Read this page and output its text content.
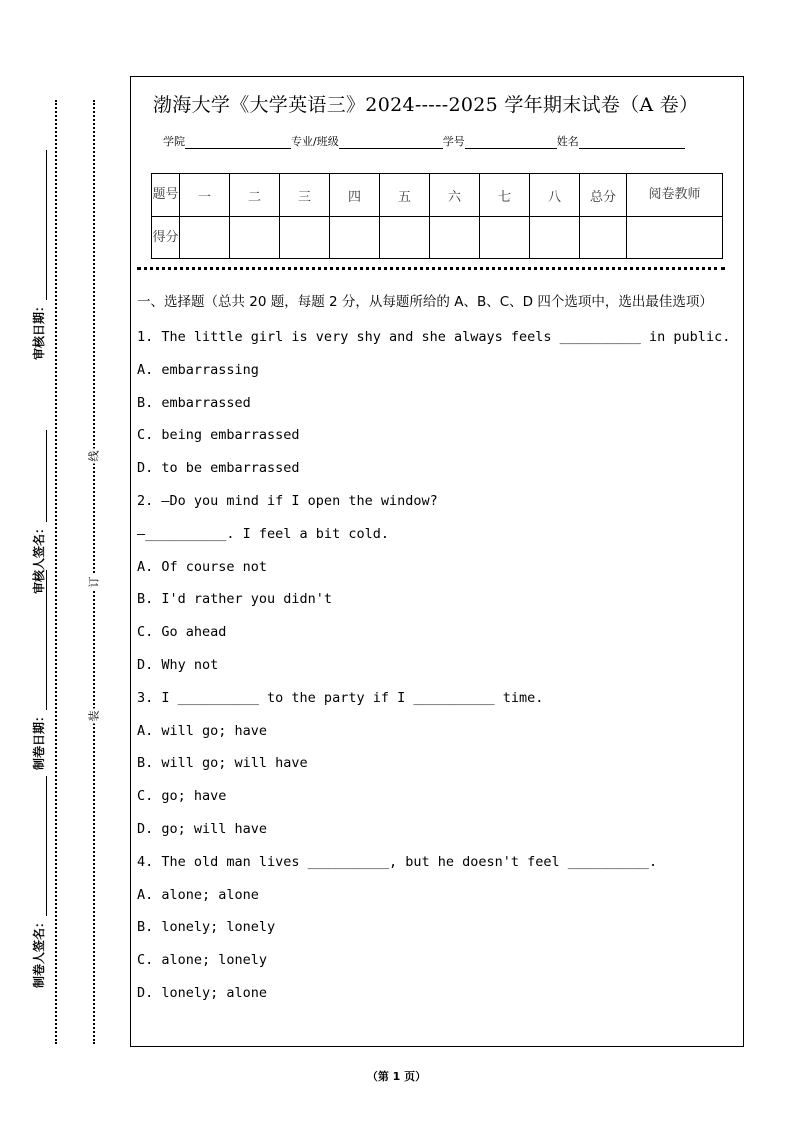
审核日期：
审核人签名：
制卷日期：
制卷人签名：
线
订
装
渤海大学《大学英语三》2024-----2025 学年期末试卷（A 卷）
学院	专业/班级	学号	姓名
题号	一	二	三	四	五	六	七	八	总分	阅卷教师
得分										
一、选择题（总共 20 题，每题 2 分，从每题所给的 A、B、C、D 四个选项中，选出最佳选项）
1. The little girl is very shy and she always feels __________ in public.
A. embarrassing
B. embarrassed
C. being embarrassed
D. to be embarrassed
2. —Do you mind if I open the window?
—__________. I feel a bit cold.
A. Of course not
B. I'd rather you didn't
C. Go ahead
D. Why not
3. I __________ to the party if I __________ time.
A. will go; have
B. will go; will have
C. go; have
D. go; will have
4. The old man lives __________, but he doesn't feel __________.
A. alone; alone
B. lonely; lonely
C. alone; lonely
D. lonely; alone
（第 1 页）
